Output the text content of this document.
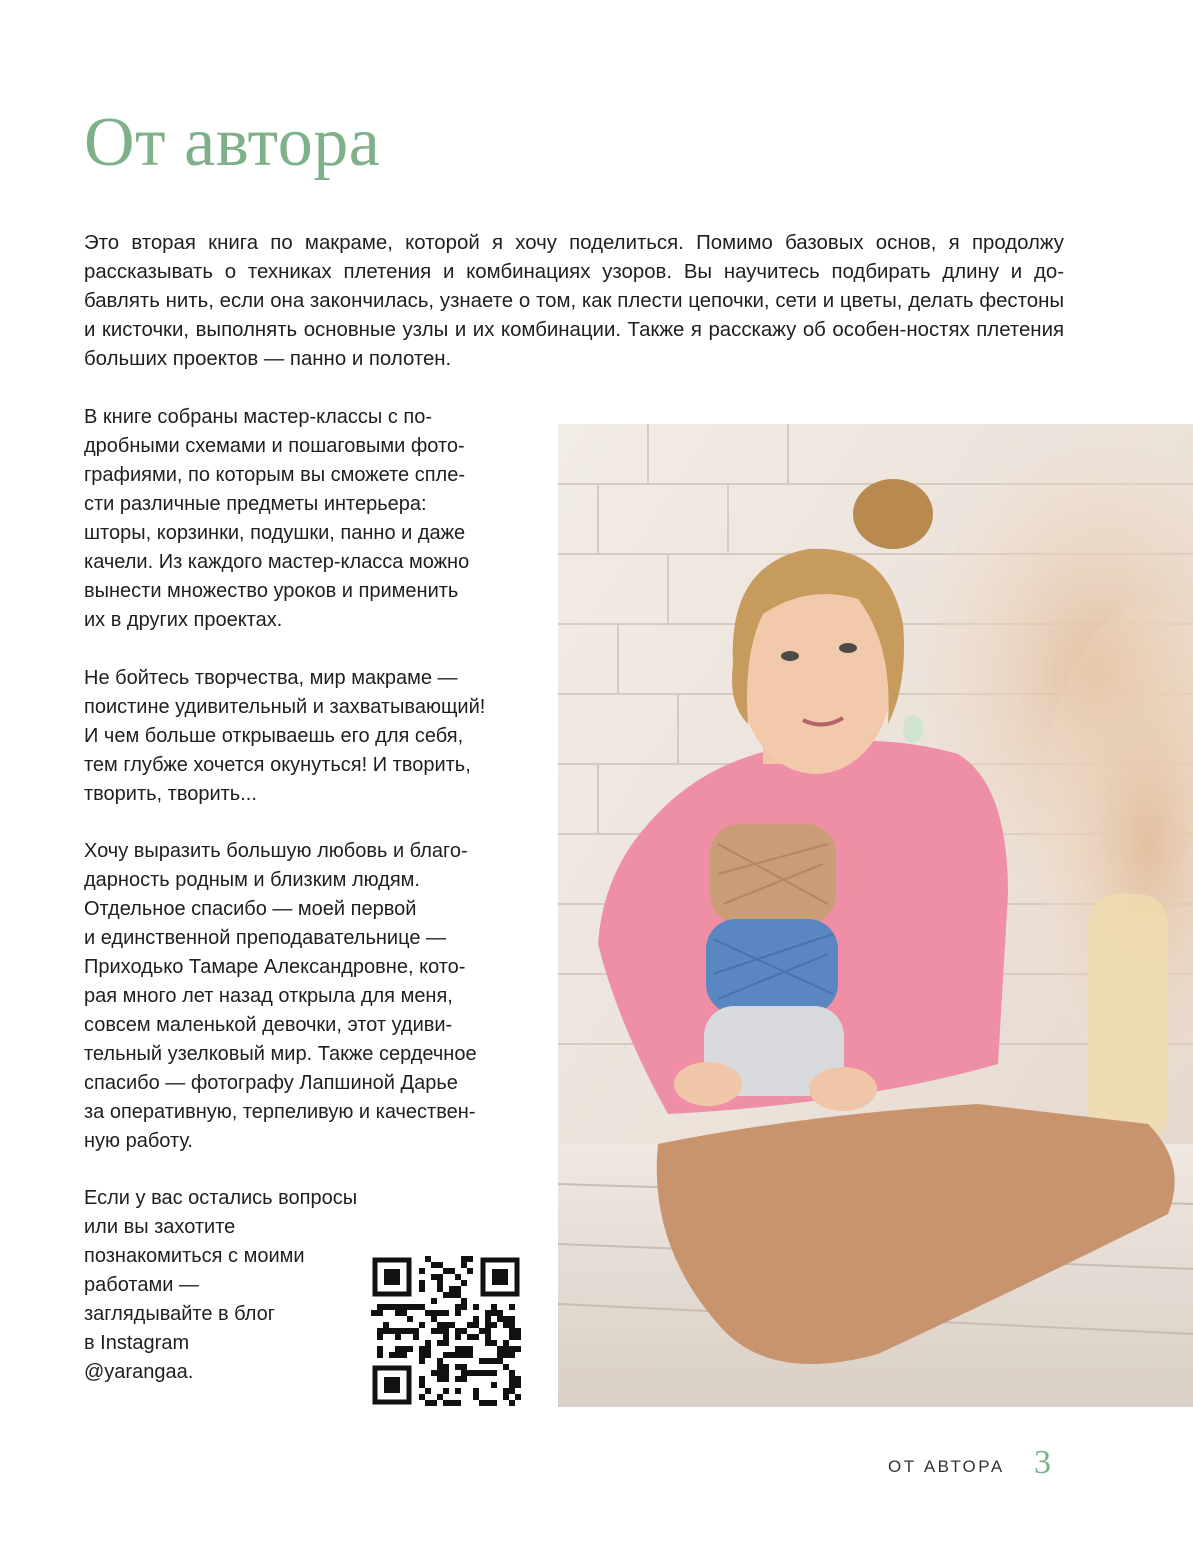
От автора

Это вторая книга по макраме, которой я хочу поделиться. Помимо базовых основ, я продолжу рассказывать о техниках плетения и комбинациях узоров. Вы научитесь подбирать длину и до-бавлять нить, если она закончилась, узнаете о том, как плести цепочки, сети и цветы, делать фестоны и кисточки, выполнять основные узлы и их комбинации. Также я расскажу об особен-ностях плетения больших проектов — панно и полотен.

В книге собраны мастер-классы с по-

дробными схемами и пошаговыми фото-

графиями, по которым вы сможете спле-

сти различные предметы интерьера:

шторы, корзинки, подушки, панно и даже

качели. Из каждого мастер-класса можно

вынести множество уроков и применить

их в других проектах.

Не бойтесь творчества, мир макраме —

поистине удивительный и захватывающий!

И чем больше открываешь его для себя,

тем глубже хочется окунуться! И творить,

творить, творить...

Хочу выразить большую любовь и благо-

дарность родным и близким людям.

Отдельное спасибо — моей первой

и единственной преподавательнице —

Приходько Тамаре Александровне, кото-

рая много лет назад открыла для меня,

совсем маленькой девочки, этот удиви-

тельный узелковый мир. Также сердечное

спасибо — фотографу Лапшиной Дарье

за оперативную, терпеливую и качествен-

ную работу.

Если у вас остались вопросы

или вы захотите

познакомиться с моими

работами —

заглядывайте в блог

в Instagram

@yarangaa.

ОТ АВТОРА 3
